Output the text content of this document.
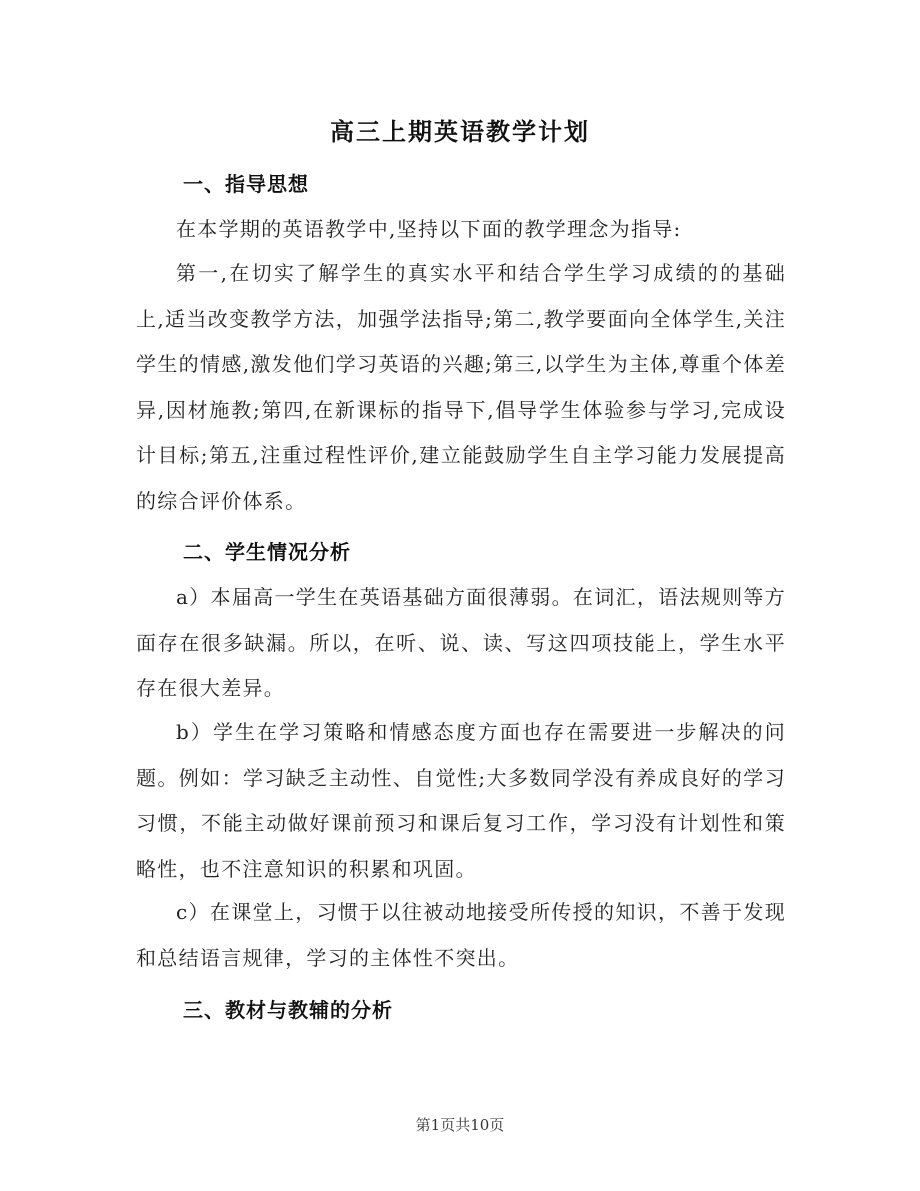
高三上期英语教学计划
一、指导思想
在本学期的英语教学中,坚持以下面的教学理念为指导:
第一,在切实了解学生的真实水平和结合学生学习成绩的的基础上,适当改变教学方法，加强学法指导;第二,教学要面向全体学生,关注学生的情感,激发他们学习英语的兴趣;第三,以学生为主体,尊重个体差异,因材施教;第四,在新课标的指导下,倡导学生体验参与学习,完成设计目标;第五,注重过程性评价,建立能鼓励学生自主学习能力发展提高的综合评价体系。
二、学生情况分析
a）本届高一学生在英语基础方面很薄弱。在词汇，语法规则等方面存在很多缺漏。所以，在听、说、读、写这四项技能上，学生水平存在很大差异。
b）学生在学习策略和情感态度方面也存在需要进一步解决的问题。例如：学习缺乏主动性、自觉性;大多数同学没有养成良好的学习习惯，不能主动做好课前预习和课后复习工作，学习没有计划性和策略性，也不注意知识的积累和巩固。
c）在课堂上，习惯于以往被动地接受所传授的知识，不善于发现和总结语言规律，学习的主体性不突出。
三、教材与教辅的分析
第1页共10页
